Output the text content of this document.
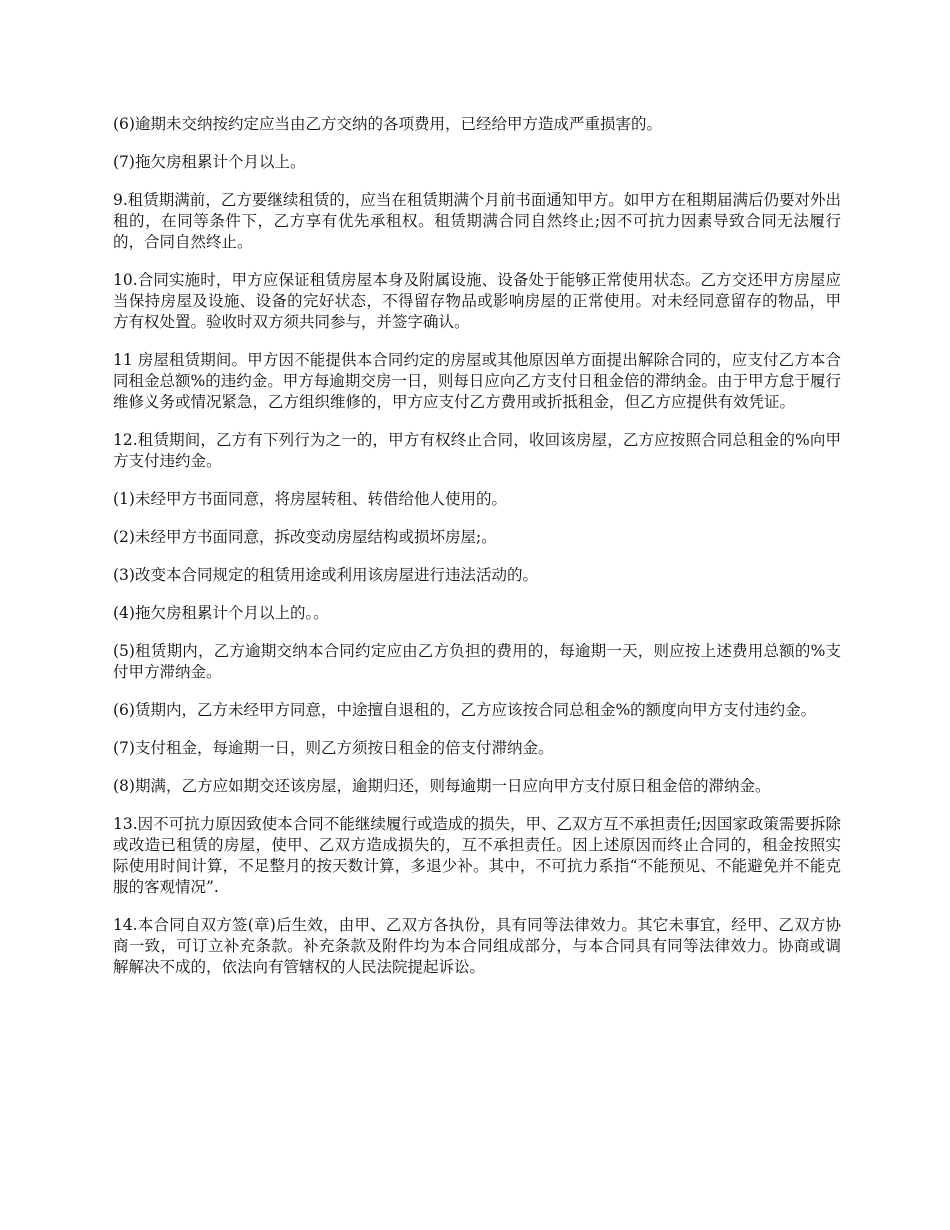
(6)逾期未交纳按约定应当由乙方交纳的各项费用，已经给甲方造成严重损害的。

(7)拖欠房租累计个月以上。

9.租赁期满前，乙方要继续租赁的，应当在租赁期满个月前书面通知甲方。如甲方在租期届满后仍要对外出租的，在同等条件下，乙方享有优先承租权。租赁期满合同自然终止;因不可抗力因素导致合同无法履行的，合同自然终止。

10.合同实施时，甲方应保证租赁房屋本身及附属设施、设备处于能够正常使用状态。乙方交还甲方房屋应当保持房屋及设施、设备的完好状态，不得留存物品或影响房屋的正常使用。对未经同意留存的物品，甲方有权处置。验收时双方须共同参与，并签字确认。

11 房屋租赁期间。甲方因不能提供本合同约定的房屋或其他原因单方面提出解除合同的，应支付乙方本合同租金总额%的违约金。甲方每逾期交房一日，则每日应向乙方支付日租金倍的滞纳金。由于甲方怠于履行维修义务或情况紧急，乙方组织维修的，甲方应支付乙方费用或折抵租金，但乙方应提供有效凭证。

12.租赁期间，乙方有下列行为之一的，甲方有权终止合同，收回该房屋，乙方应按照合同总租金的%向甲方支付违约金。

(1)未经甲方书面同意，将房屋转租、转借给他人使用的。

(2)未经甲方书面同意，拆改变动房屋结构或损坏房屋;。

(3)改变本合同规定的租赁用途或利用该房屋进行违法活动的。

(4)拖欠房租累计个月以上的。。

(5)租赁期内，乙方逾期交纳本合同约定应由乙方负担的费用的，每逾期一天，则应按上述费用总额的%支付甲方滞纳金。

(6)赁期内，乙方未经甲方同意，中途擅自退租的，乙方应该按合同总租金%的额度向甲方支付违约金。

(7)支付租金，每逾期一日，则乙方须按日租金的倍支付滞纳金。

(8)期满，乙方应如期交还该房屋，逾期归还，则每逾期一日应向甲方支付原日租金倍的滞纳金。

13.因不可抗力原因致使本合同不能继续履行或造成的损失，甲、乙双方互不承担责任;因国家政策需要拆除或改造已租赁的房屋，使甲、乙双方造成损失的，互不承担责任。因上述原因而终止合同的，租金按照实际使用时间计算，不足整月的按天数计算，多退少补。其中，不可抗力系指“不能预见、不能避免并不能克服的客观情况”.

14.本合同自双方签(章)后生效，由甲、乙双方各执份，具有同等法律效力。其它未事宜，经甲、乙双方协商一致，可订立补充条款。补充条款及附件均为本合同组成部分，与本合同具有同等法律效力。协商或调解解决不成的，依法向有管辖权的人民法院提起诉讼。
